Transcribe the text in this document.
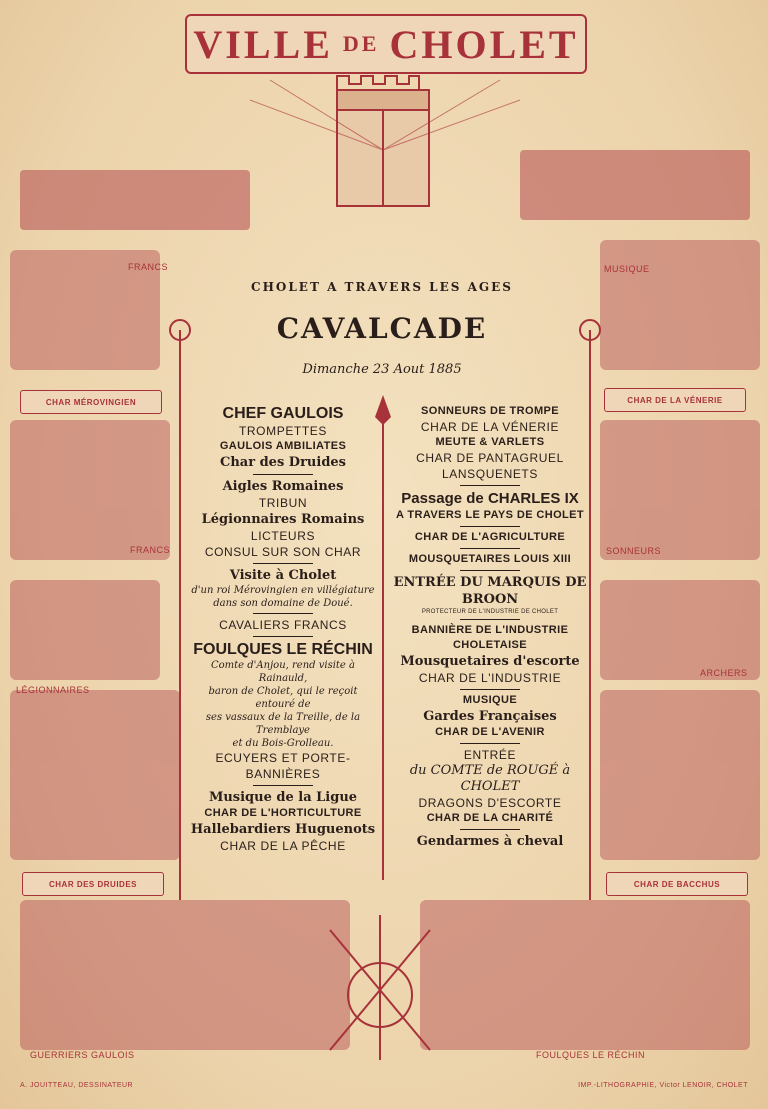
VILLE DE CHOLET
CHOLET A TRAVERS LES AGES
CAVALCADE
Dimanche 23 Aout 1885
FRANCS	MUSIQUE
CHAR MÉROVINGIEN	CHAR DE LA VÉNERIE
FRANCS	SONNEURS
LÉGIONNAIRES
ARCHERS
CHAR DES DRUIDES	CHAR DE BACCHUS
GUERRIERS GAULOIS	FOULQUES LE RÉCHIN
CHEF GAULOIS
TROMPETTES
GAULOIS AMBILIATES
Char des Druides
Aigles Romaines
TRIBUN
Légionnaires Romains
LICTEURS
CONSUL SUR SON CHAR
Visite à Cholet
d'un roi Mérovingien en villégiature
dans son domaine de Doué.
CAVALIERS FRANCS
FOULQUES LE RÉCHIN
Comte d'Anjou, rend visite à Rainauld,
baron de Cholet, qui le reçoit entouré de
ses vassaux de la Treille, de la Tremblaye
et du Bois-Grolleau.
ECUYERS ET PORTE-BANNIÈRES
Musique de la Ligue
CHAR DE L'HORTICULTURE
Hallebardiers Huguenots
CHAR DE LA PÊCHE
SONNEURS DE TROMPE
CHAR DE LA VÉNERIE
MEUTE & VARLETS
CHAR DE PANTAGRUEL
LANSQUENETS
Passage de CHARLES IX
A TRAVERS LE PAYS DE CHOLET
CHAR DE L'AGRICULTURE
MOUSQUETAIRES LOUIS XIII
ENTRÉE DU MARQUIS DE BROON
PROTECTEUR DE L'INDUSTRIE DE CHOLET
BANNIÈRE DE L'INDUSTRIE CHOLETAISE
Mousquetaires d'escorte
CHAR DE L'INDUSTRIE
MUSIQUE
Gardes Françaises
CHAR DE L'AVENIR
ENTRÉE
du COMTE de ROUGÉ à CHOLET
DRAGONS D'ESCORTE
CHAR DE LA CHARITÉ
Gendarmes à cheval
A. JOUITTEAU, DESSINATEUR	IMP.-LITHOGRAPHIE, Victor LENOIR, CHOLET
